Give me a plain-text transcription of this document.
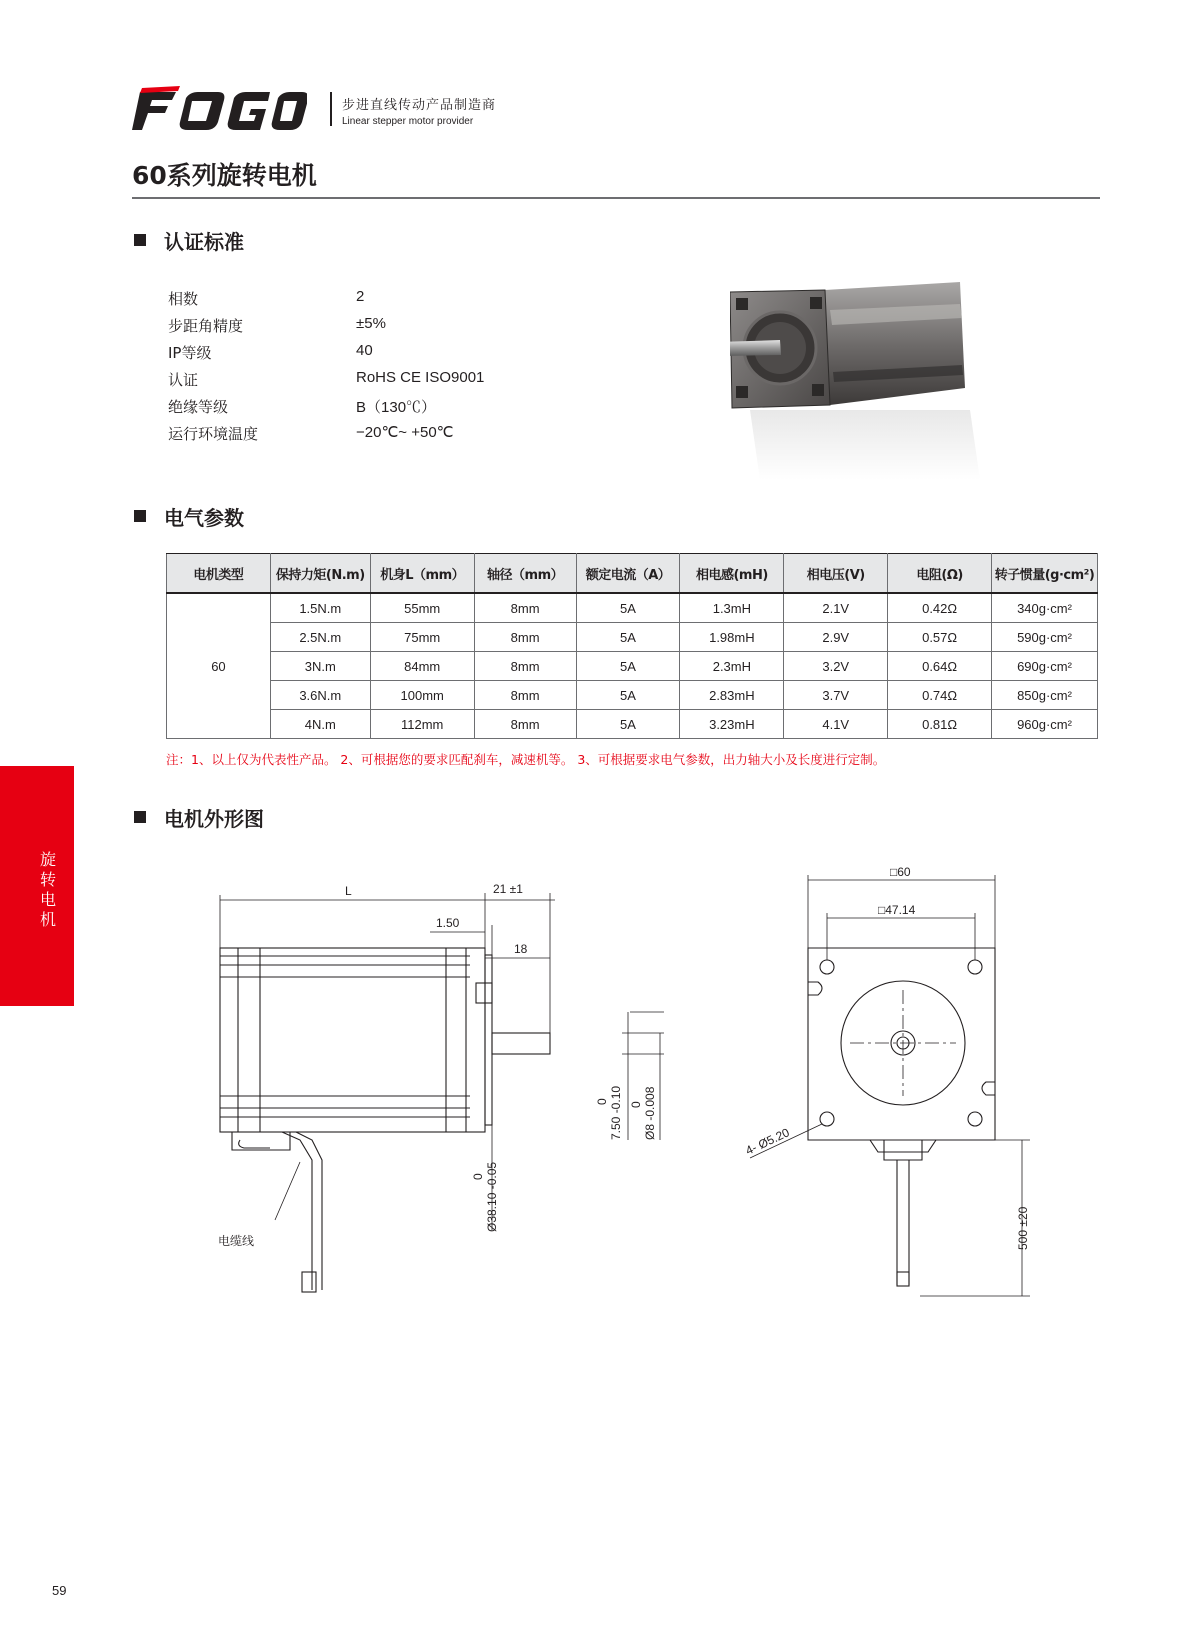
步进直线传动产品制造商
Linear stepper motor provider
60系列旋转电机
认证标准
相数	2
步距角精度	±5%
IP等级	40
认证	RoHS CE ISO9001
绝缘等级	B（130℃）
运行环境温度	−20℃~ +50℃
电气参数
电机类型	保持力矩(N.m)	机身L（mm）	轴径（mm）	额定电流（A）	相电感(mH)	相电压(V)	电阻(Ω)	转子惯量(g·cm²)
60	1.5N.m	55mm	8mm	5A	1.3mH	2.1V	0.42Ω	340g·cm²
	2.5N.m	75mm	8mm	5A	1.98mH	2.9V	0.57Ω	590g·cm²
	3N.m	84mm	8mm	5A	2.3mH	3.2V	0.64Ω	690g·cm²
	3.6N.m	100mm	8mm	5A	2.83mH	3.7V	0.74Ω	850g·cm²
	4N.m	112mm	8mm	5A	3.23mH	4.1V	0.81Ω	960g·cm²
注：1、以上仅为代表性产品。 2、可根据您的要求匹配刹车，减速机等。 3、可根据要求电气参数，出力轴大小及长度进行定制。
旋转电机
电机外形图
L	21 ±1
1.50
18
7.50 -0.10
0	Ø8 -0.008
0
Ø38.10 -0.05
0
电缆线
□60
□47.14
4- Ø5.20
500 ±20
59
